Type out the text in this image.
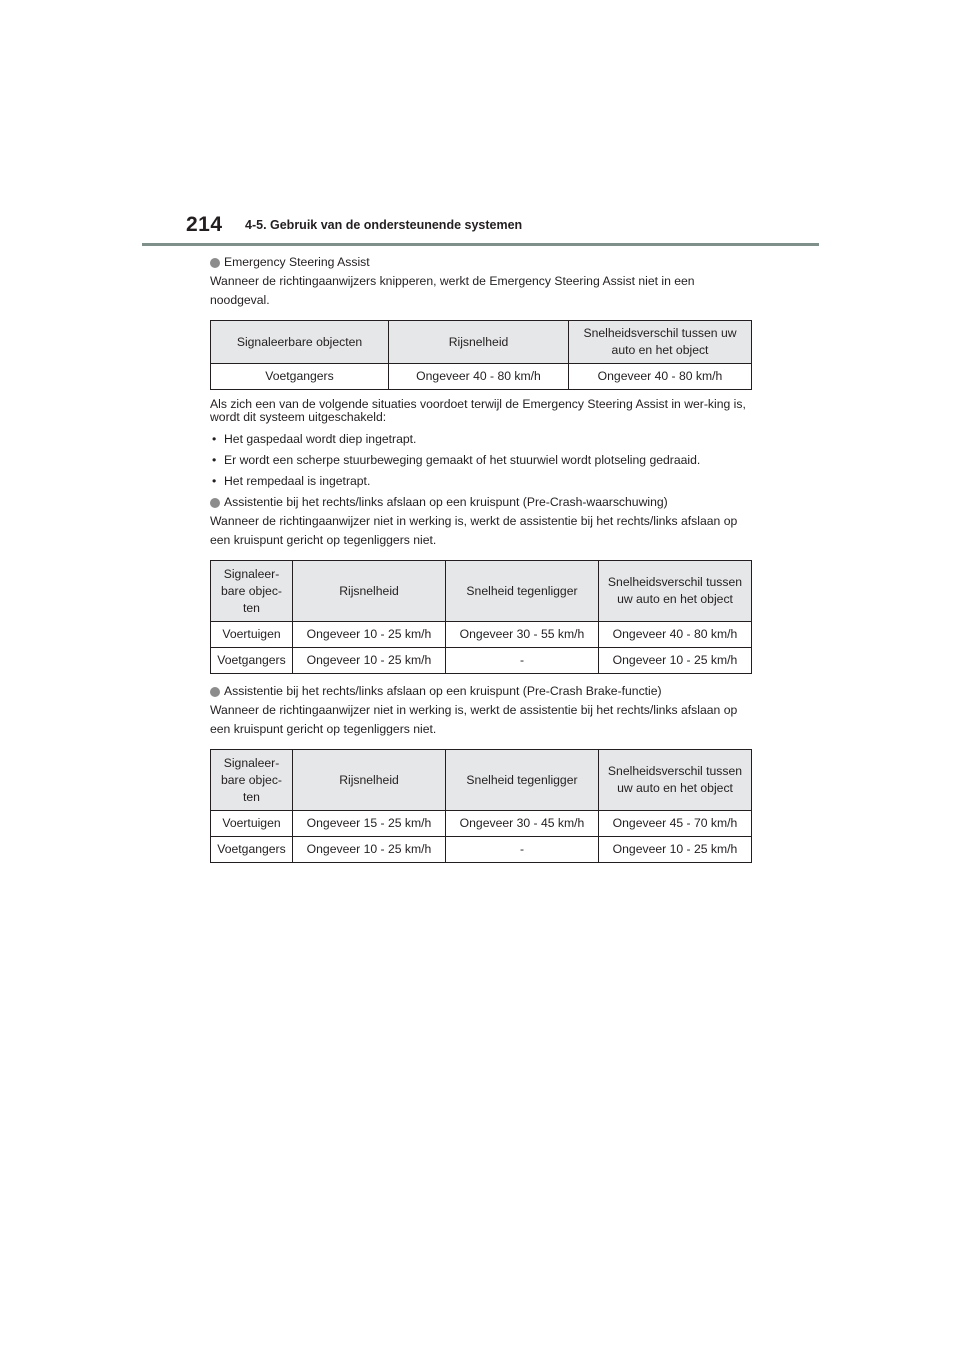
214 4-5. Gebruik van de ondersteunende systemen

Emergency Steering Assist

Wanneer de richtingaanwijzers knipperen, werkt de Emergency Steering Assist niet in een noodgeval.

Signaleerbare objecten	Rijsnelheid	Snelheidsverschil tussen uw auto en het object
Voetgangers	Ongeveer 40 - 80 km/h	Ongeveer 40 - 80 km/h

Als zich een van de volgende situaties voordoet terwijl de Emergency Steering Assist in wer-king is, wordt dit systeem uitgeschakeld:

• Het gaspedaal wordt diep ingetrapt.
• Er wordt een scherpe stuurbeweging gemaakt of het stuurwiel wordt plotseling gedraaid.
• Het rempedaal is ingetrapt.

Assistentie bij het rechts/links afslaan op een kruispunt (Pre-Crash-waarschuwing)

Wanneer de richtingaanwijzer niet in werking is, werkt de assistentie bij het rechts/links afslaan op een kruispunt gericht op tegenliggers niet.

Signaleer-bare objec-ten	Rijsnelheid	Snelheid tegenligger	Snelheidsverschil tussen uw auto en het object
Voertuigen	Ongeveer 10 - 25 km/h	Ongeveer 30 - 55 km/h	Ongeveer 40 - 80 km/h
Voetgangers	Ongeveer 10 - 25 km/h	-	Ongeveer 10 - 25 km/h

Assistentie bij het rechts/links afslaan op een kruispunt (Pre-Crash Brake-functie)

Wanneer de richtingaanwijzer niet in werking is, werkt de assistentie bij het rechts/links afslaan op een kruispunt gericht op tegenliggers niet.

Signaleer-bare objec-ten	Rijsnelheid	Snelheid tegenligger	Snelheidsverschil tussen uw auto en het object
Voertuigen	Ongeveer 15 - 25 km/h	Ongeveer 30 - 45 km/h	Ongeveer 45 - 70 km/h
Voetgangers	Ongeveer 10 - 25 km/h	-	Ongeveer 10 - 25 km/h
